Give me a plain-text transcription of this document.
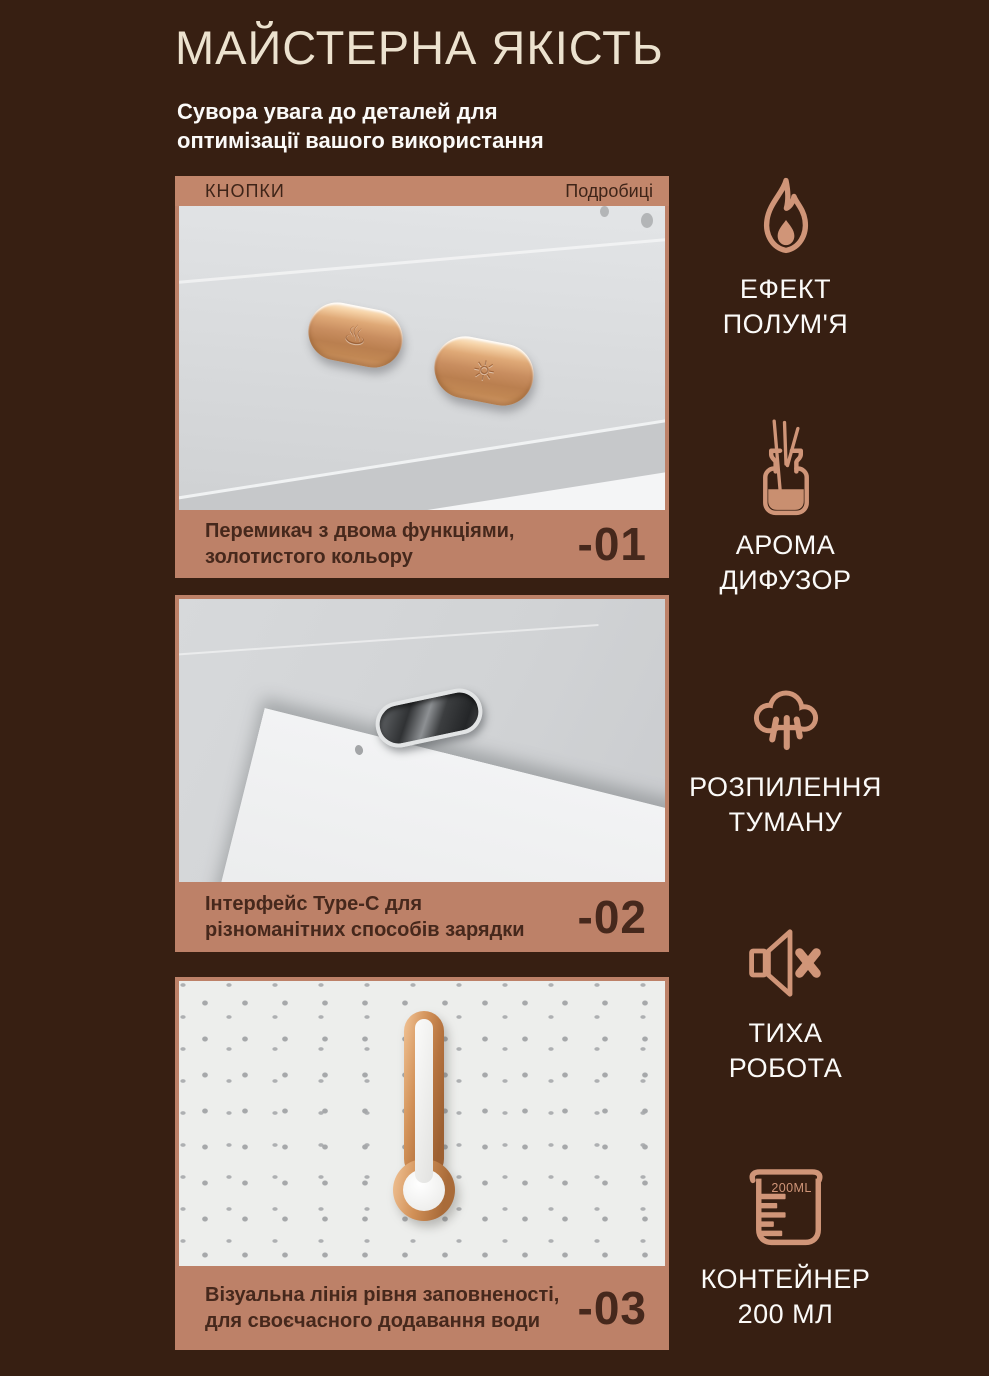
МАЙСТЕРНА ЯКІСТЬ

Сувора увага до деталей для
оптимізації вашого використання

КНОПКИ	Подробиці
♨
☼
Перемикач з двома функціями,
золотистого кольору	-01
Інтерфейс Type-C для
різноманітних способів зарядки -02
Візуальна лінія рівня заповненості,
для своєчасного додавання води -03
ЕФЕКТ
ПОЛУМ'Я
АРОМА
ДИФУЗОР
РОЗПИЛЕННЯ
ТУМАНУ
ТИХА
РОБОТА
200ML
КОНТЕЙНЕР
200 МЛ
